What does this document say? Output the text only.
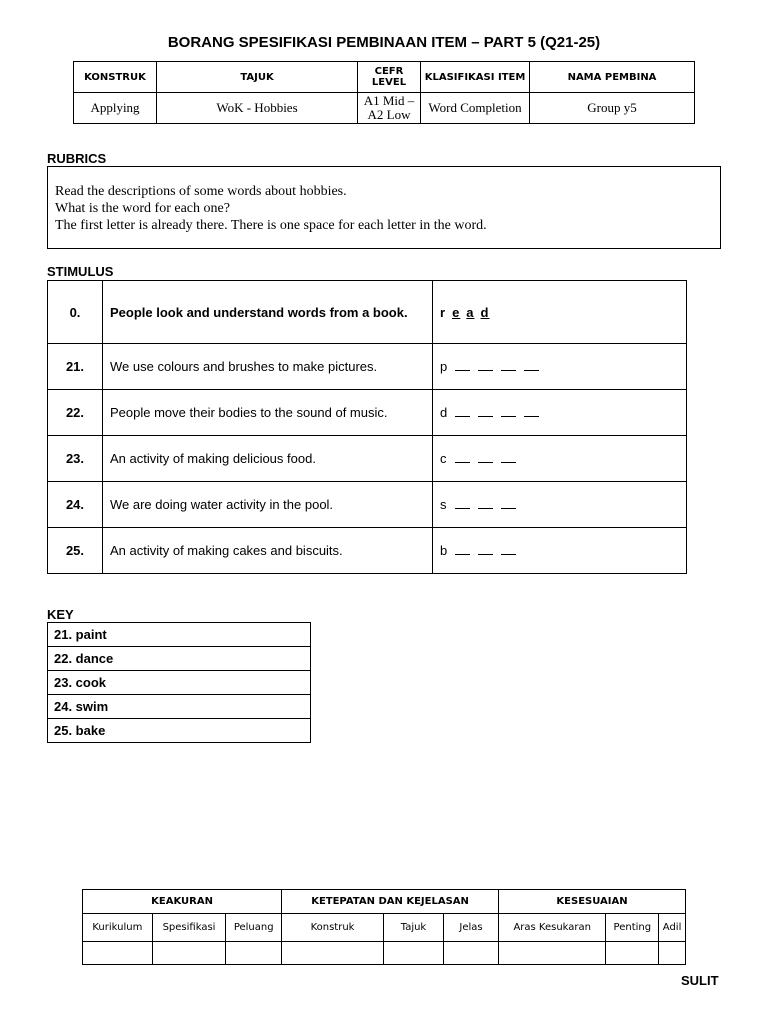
BORANG SPESIFIKASI PEMBINAAN ITEM – PART 5 (Q21-25)
KONSTRUK	TAJUK	CEFR LEVEL	KLASIFIKASI ITEM	NAMA PEMBINA
Applying	WoK - Hobbies	A1 Mid – A2 Low	Word Completion	Group y5
RUBRICS

Read the descriptions of some words about hobbies.

What is the word for each one?

The first letter is already there. There is one space for each letter in the word.

STIMULUS
0.	People look and understand words from a book.	r e a d
21.	We use colours and brushes to make pictures.	p
22.	People move their bodies to the sound of music.	d
23.	An activity of making delicious food.	c
24.	We are doing water activity in the pool.	s
25.	An activity of making cakes and biscuits.	b
KEY
21. paint
22. dance
23. cook
24. swim
25. bake
KEAKURAN			KETEPATAN DAN KEJELASAN			KESESUAIAN		
Kurikulum	Spesifikasi	Peluang	Konstruk	Tajuk	Jelas	Aras Kesukaran	Penting	Adil

SULIT
